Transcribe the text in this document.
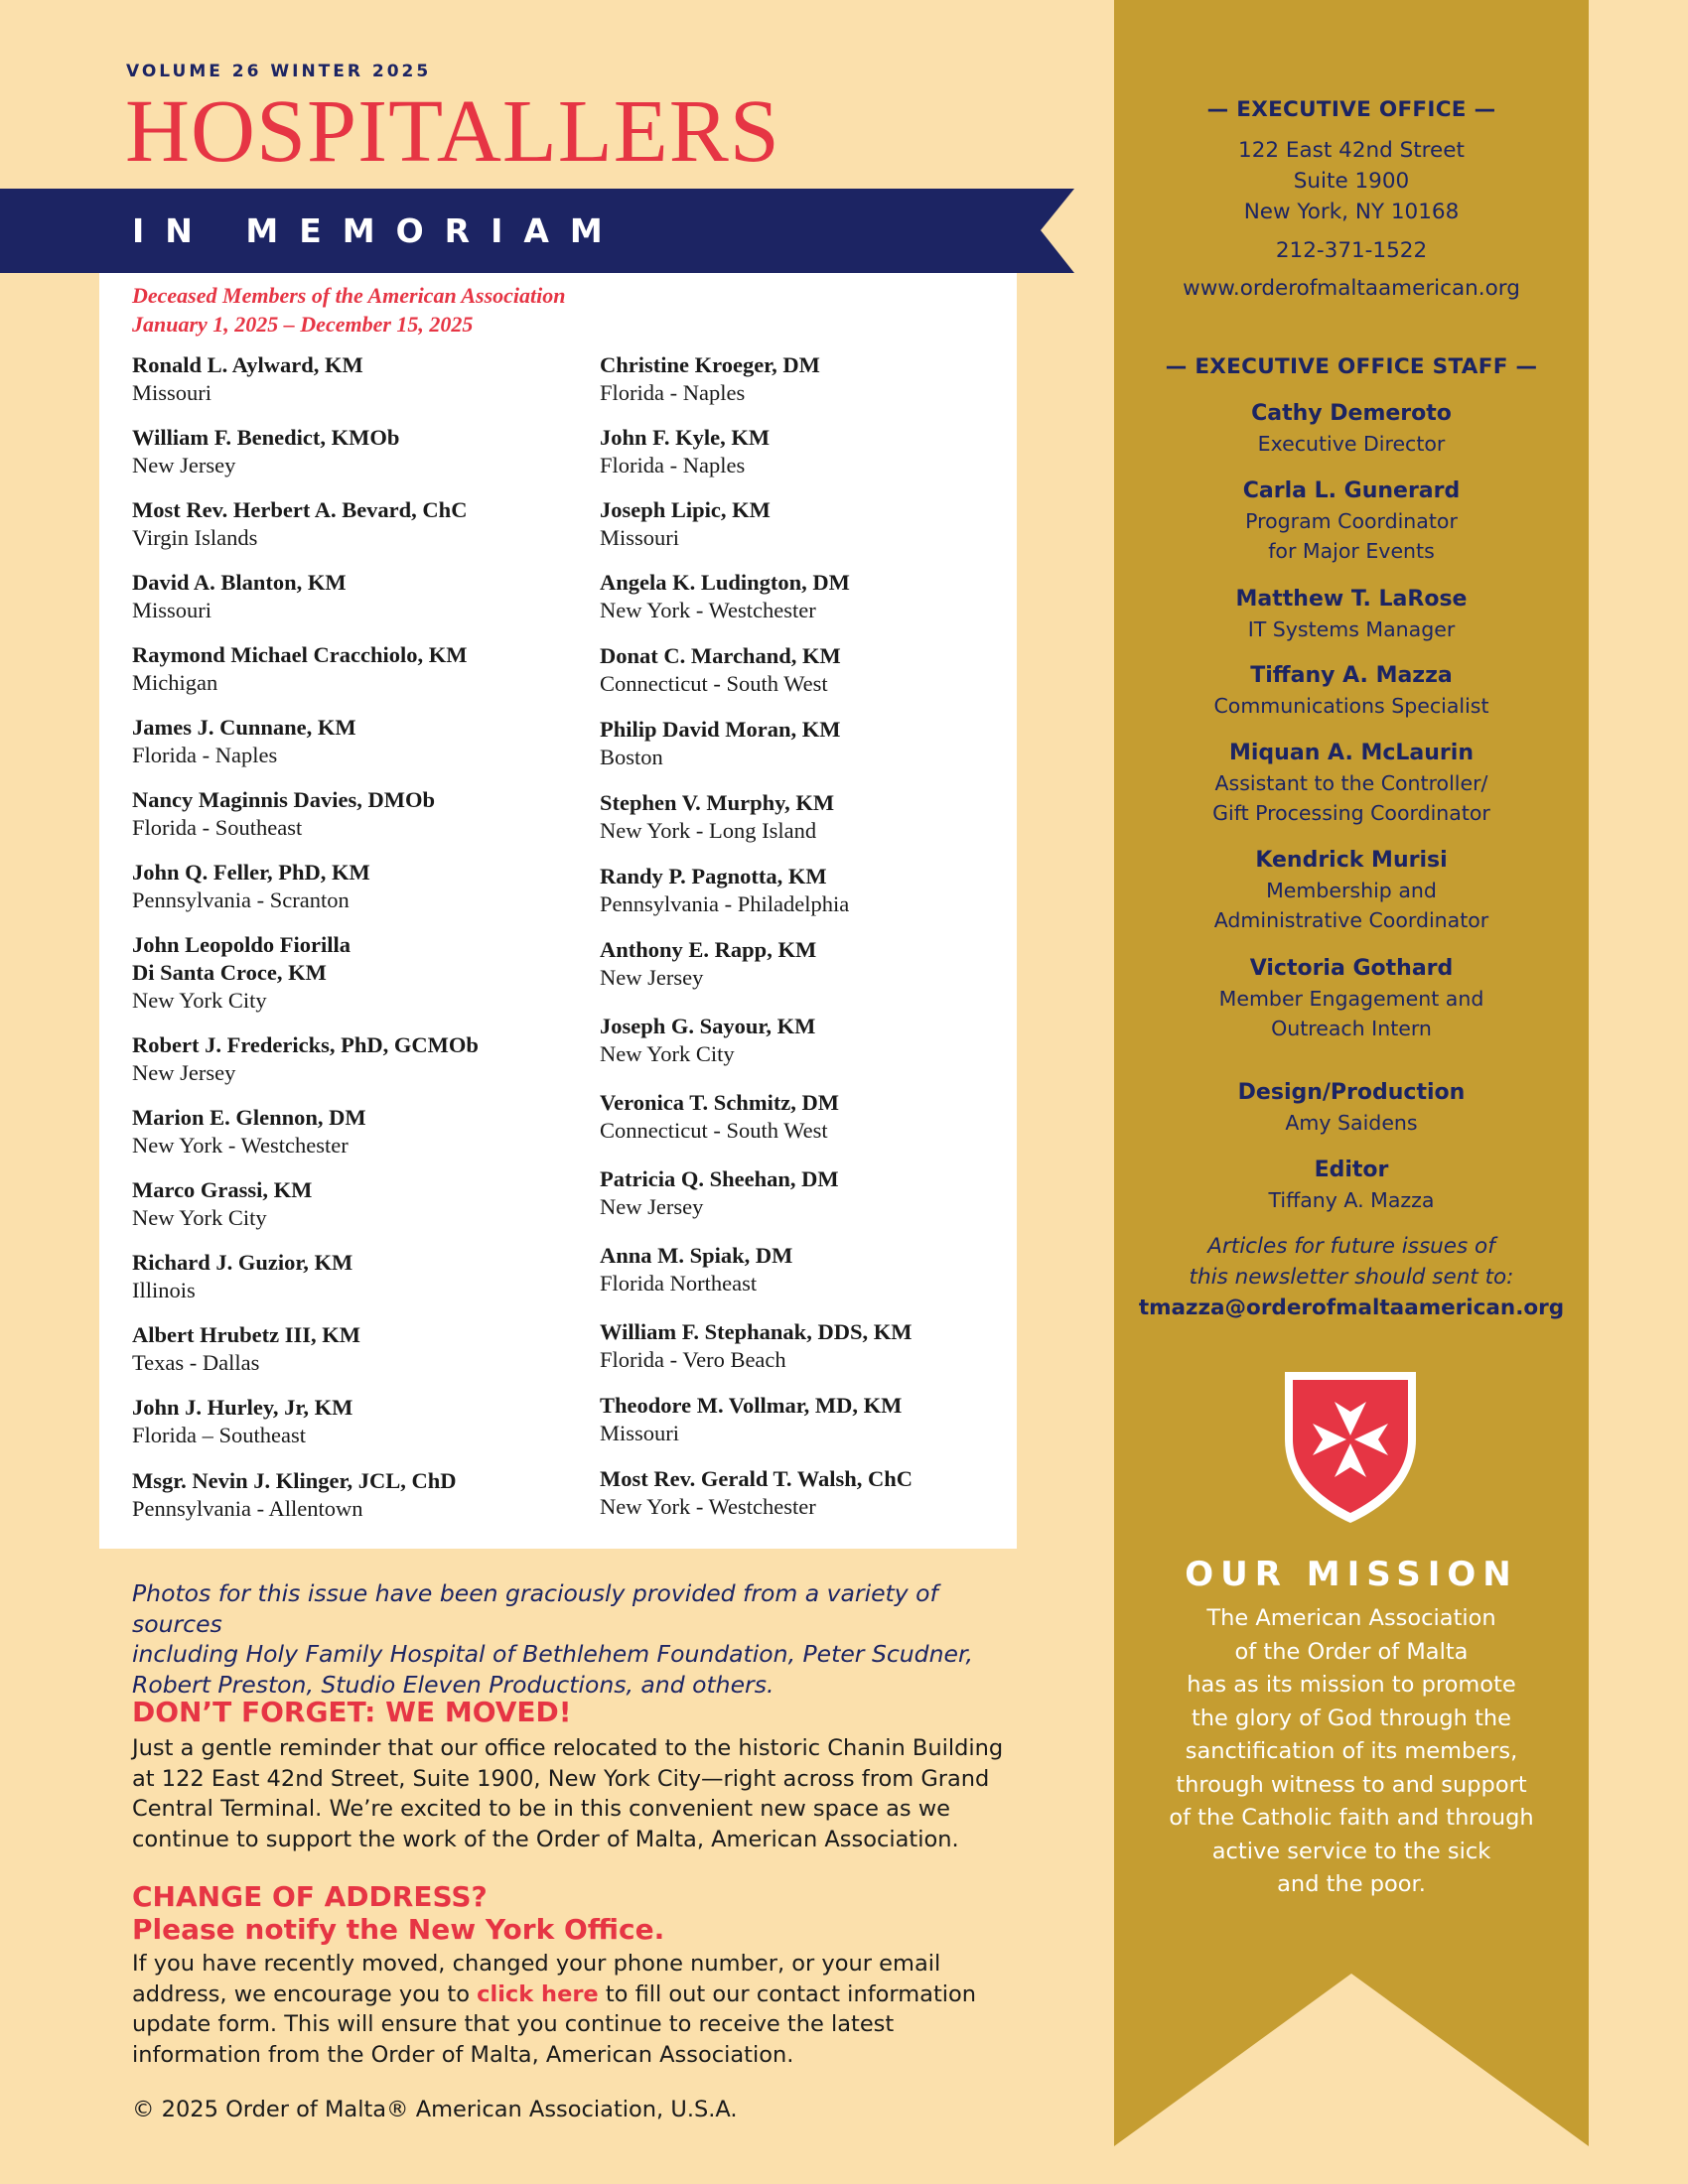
VOLUME 26 WINTER 2025
HOSPITALLERS
IN MEMORIAM
Deceased Members of the American Association
January 1, 2025 – December 15, 2025
Ronald L. Aylward, KM
Missouri
William F. Benedict, KMOb
New Jersey
Most Rev. Herbert A. Bevard, ChC
Virgin Islands
David A. Blanton, KM
Missouri
Raymond Michael Cracchiolo, KM
Michigan
James J. Cunnane, KM
Florida - Naples
Nancy Maginnis Davies, DMOb
Florida - Southeast
John Q. Feller, PhD, KM
Pennsylvania - Scranton
John Leopoldo Fiorilla
Di Santa Croce, KM
New York City
Robert J. Fredericks, PhD, GCMOb
New Jersey
Marion E. Glennon, DM
New York - Westchester
Marco Grassi, KM
New York City
Richard J. Guzior, KM
Illinois
Albert Hrubetz III, KM
Texas - Dallas
John J. Hurley, Jr, KM
Florida – Southeast
Msgr. Nevin J. Klinger, JCL, ChD
Pennsylvania - Allentown
Christine Kroeger, DM
Florida - Naples
John F. Kyle, KM
Florida - Naples
Joseph Lipic, KM
Missouri
Angela K. Ludington, DM
New York - Westchester
Donat C. Marchand, KM
Connecticut - South West
Philip David Moran, KM
Boston
Stephen V. Murphy, KM
New York - Long Island
Randy P. Pagnotta, KM
Pennsylvania - Philadelphia
Anthony E. Rapp, KM
New Jersey
Joseph G. Sayour, KM
New York City
Veronica T. Schmitz, DM
Connecticut - South West
Patricia Q. Sheehan, DM
New Jersey
Anna M. Spiak, DM
Florida Northeast
William F. Stephanak, DDS, KM
Florida - Vero Beach
Theodore M. Vollmar, MD, KM
Missouri
Most Rev. Gerald T. Walsh, ChC
New York - Westchester
Photos for this issue have been graciously provided from a variety of sources
including Holy Family Hospital of Bethlehem Foundation, Peter Scudner,
Robert Preston, Studio Eleven Productions, and others.
DON’T FORGET: WE MOVED!
Just a gentle reminder that our office relocated to the historic Chanin Building
at 122 East 42nd Street, Suite 1900, New York City—right across from Grand
Central Terminal. We’re excited to be in this convenient new space as we
continue to support the work of the Order of Malta, American Association.
CHANGE OF ADDRESS?
Please notify the New York Office.
If you have recently moved, changed your phone number, or your email
address, we encourage you to click here to fill out our contact information
update form. This will ensure that you continue to receive the latest
information from the Order of Malta, American Association.
© 2025 Order of Malta® American Association, U.S.A.
— EXECUTIVE OFFICE —
122 East 42nd Street
Suite 1900
New York, NY 10168
212-371-1522
www.orderofmaltaamerican.org
— EXECUTIVE OFFICE STAFF —
Cathy Demeroto
Executive Director
Carla L. Gunerard
Program Coordinator
for Major Events
Matthew T. LaRose
IT Systems Manager
Tiffany A. Mazza
Communications Specialist
Miquan A. McLaurin
Assistant to the Controller/
Gift Processing Coordinator
Kendrick Murisi
Membership and
Administrative Coordinator
Victoria Gothard
Member Engagement and
Outreach Intern
Design/Production
Amy Saidens
Editor
Tiffany A. Mazza
Articles for future issues of
this newsletter should sent to:
tmazza@orderofmaltaamerican.org
OUR MISSION
The American Association
of the Order of Malta
has as its mission to promote
the glory of God through the
sanctification of its members,
through witness to and support
of the Catholic faith and through
active service to the sick
and the poor.
